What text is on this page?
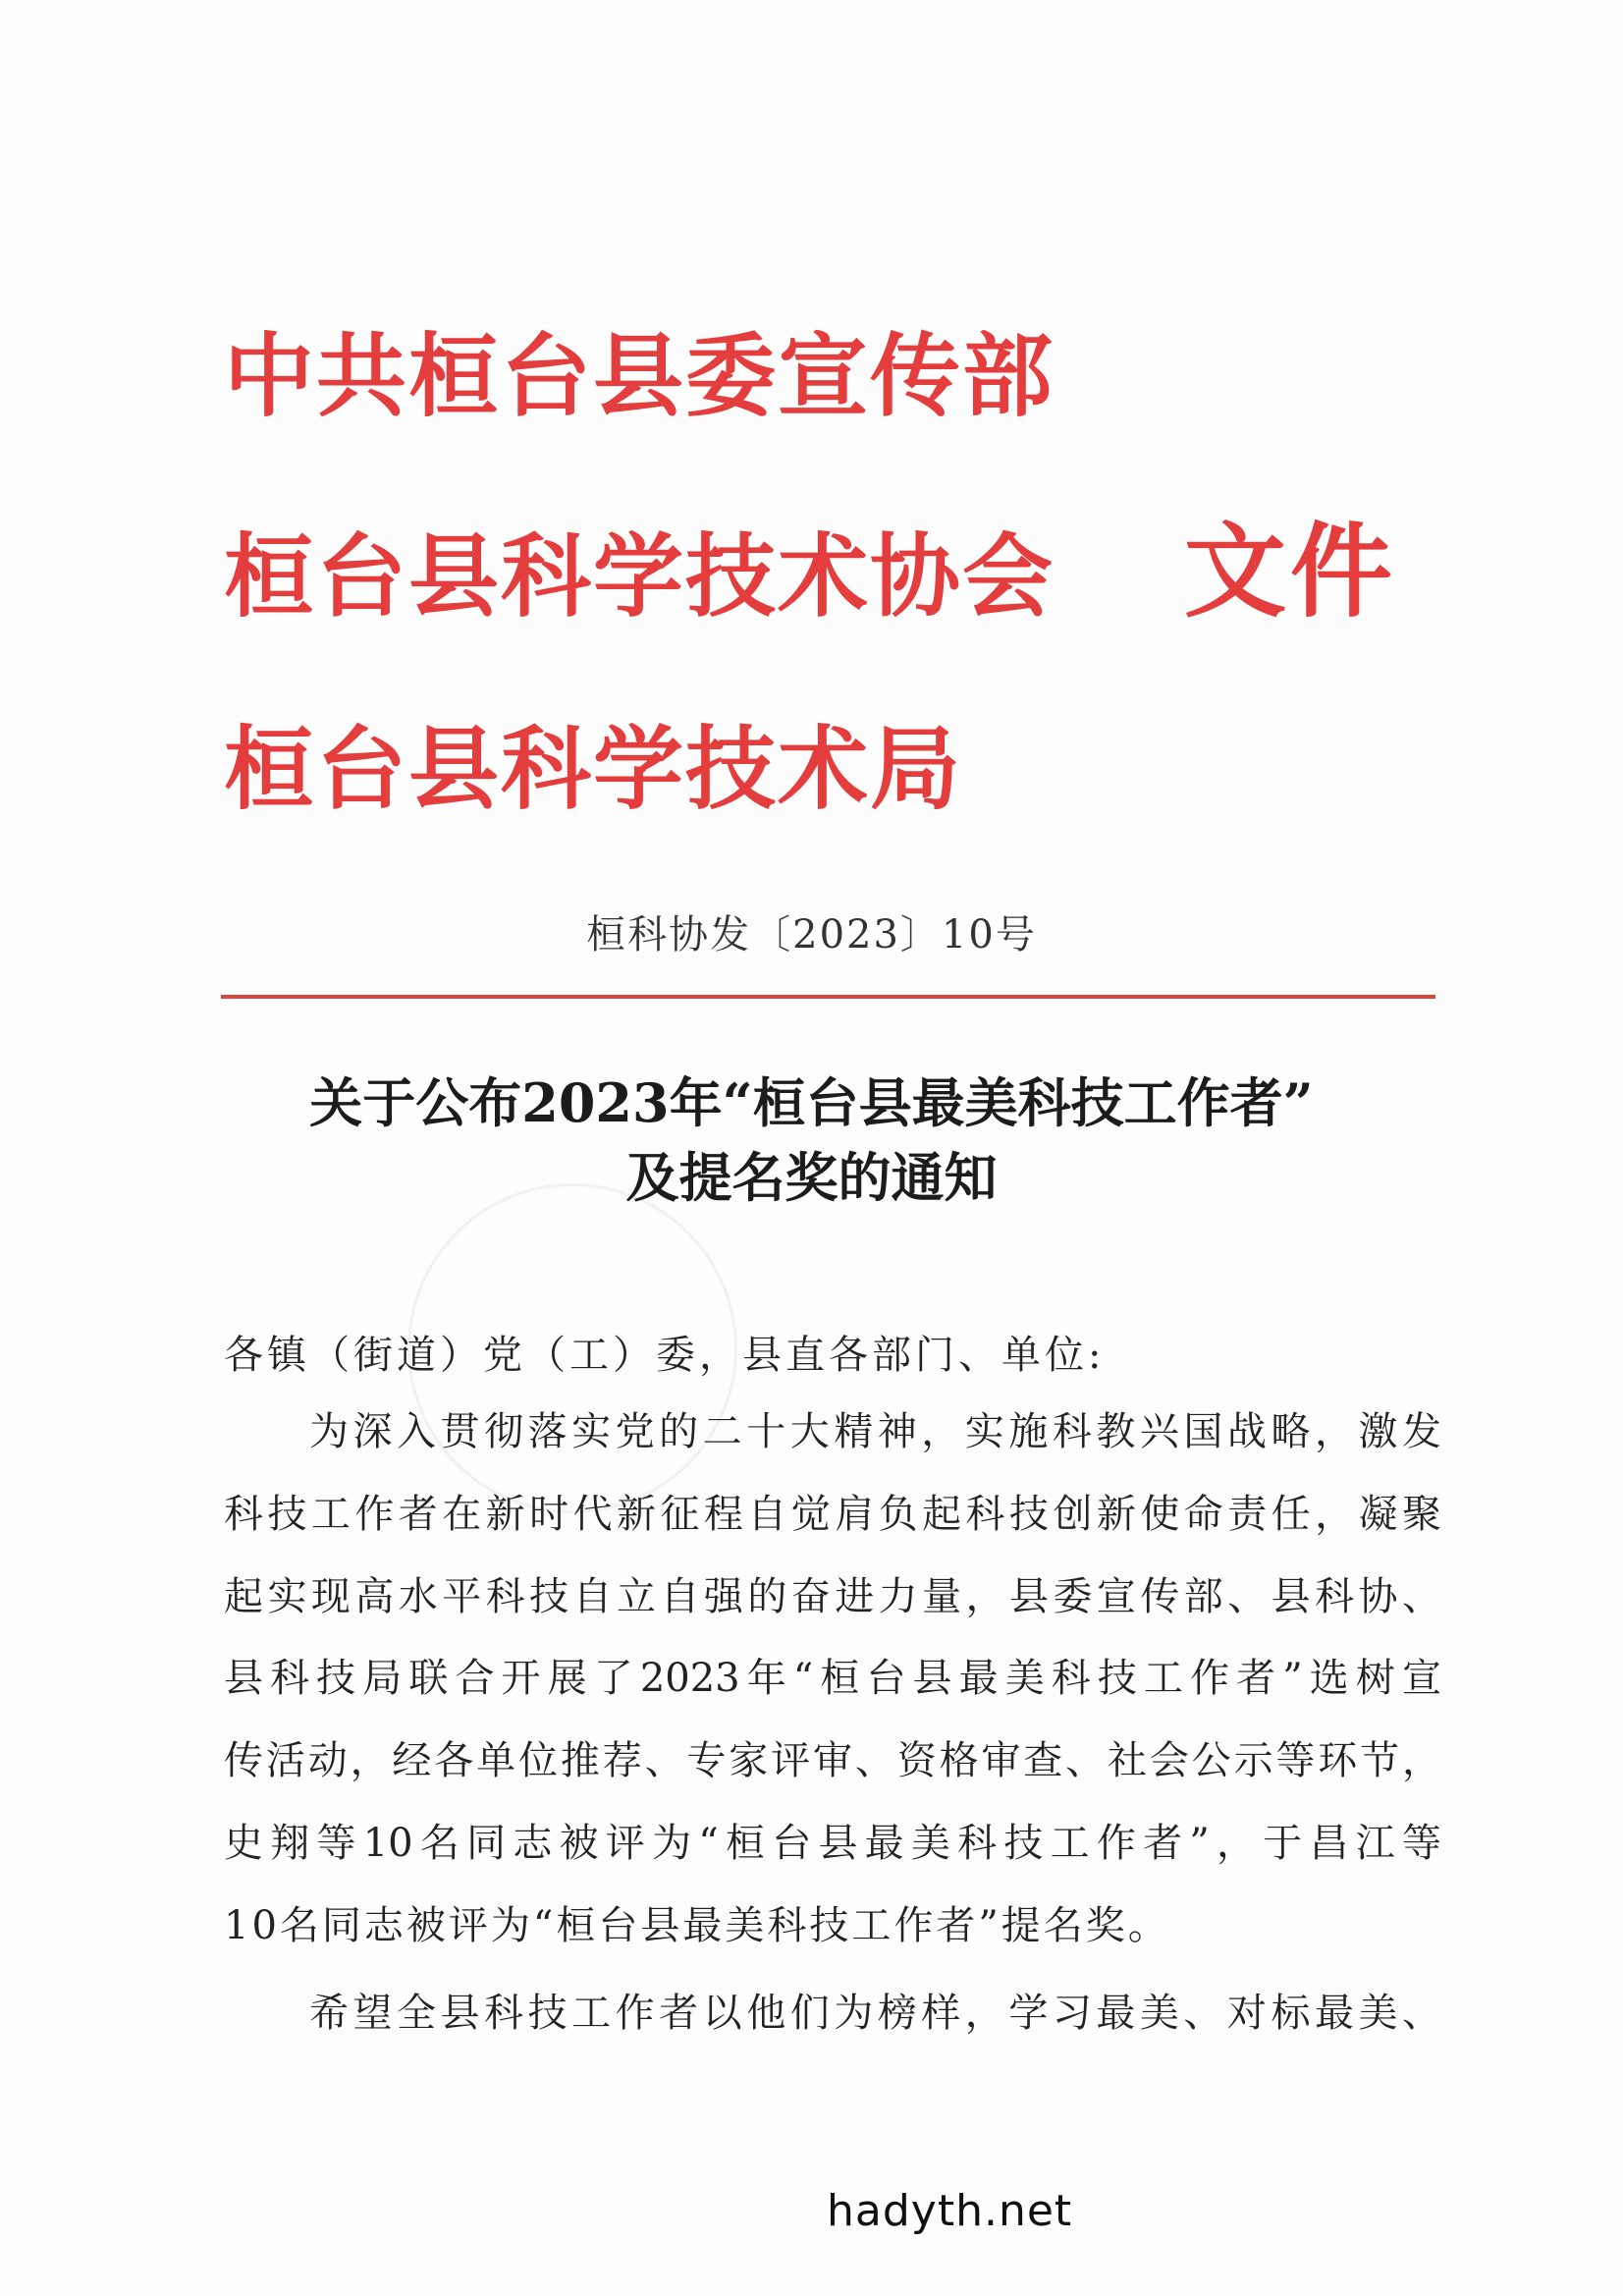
中共桓台县委宣传部
桓台县科学技术协会
桓台县科学技术局
文件
桓科协发〔2023〕10号
关于公布2023年“桓台县最美科技工作者”
及提名奖的通知
各镇（街道）党（工）委，县直各部门、单位:
为深入贯彻落实党的二十大精神，实施科教兴国战略，激发
科技工作者在新时代新征程自觉肩负起科技创新使命责任，凝聚
起实现高水平科技自立自强的奋进力量，县委宣传部、县科协、
县科技局联合开展了2023年“桓台县最美科技工作者”选树宣
传活动，经各单位推荐、专家评审、资格审查、社会公示等环节，
史翔等10名同志被评为“桓台县最美科技工作者”，于昌江等
10名同志被评为“桓台县最美科技工作者”提名奖。
希望全县科技工作者以他们为榜样，学习最美、对标最美、
hadyth.net
